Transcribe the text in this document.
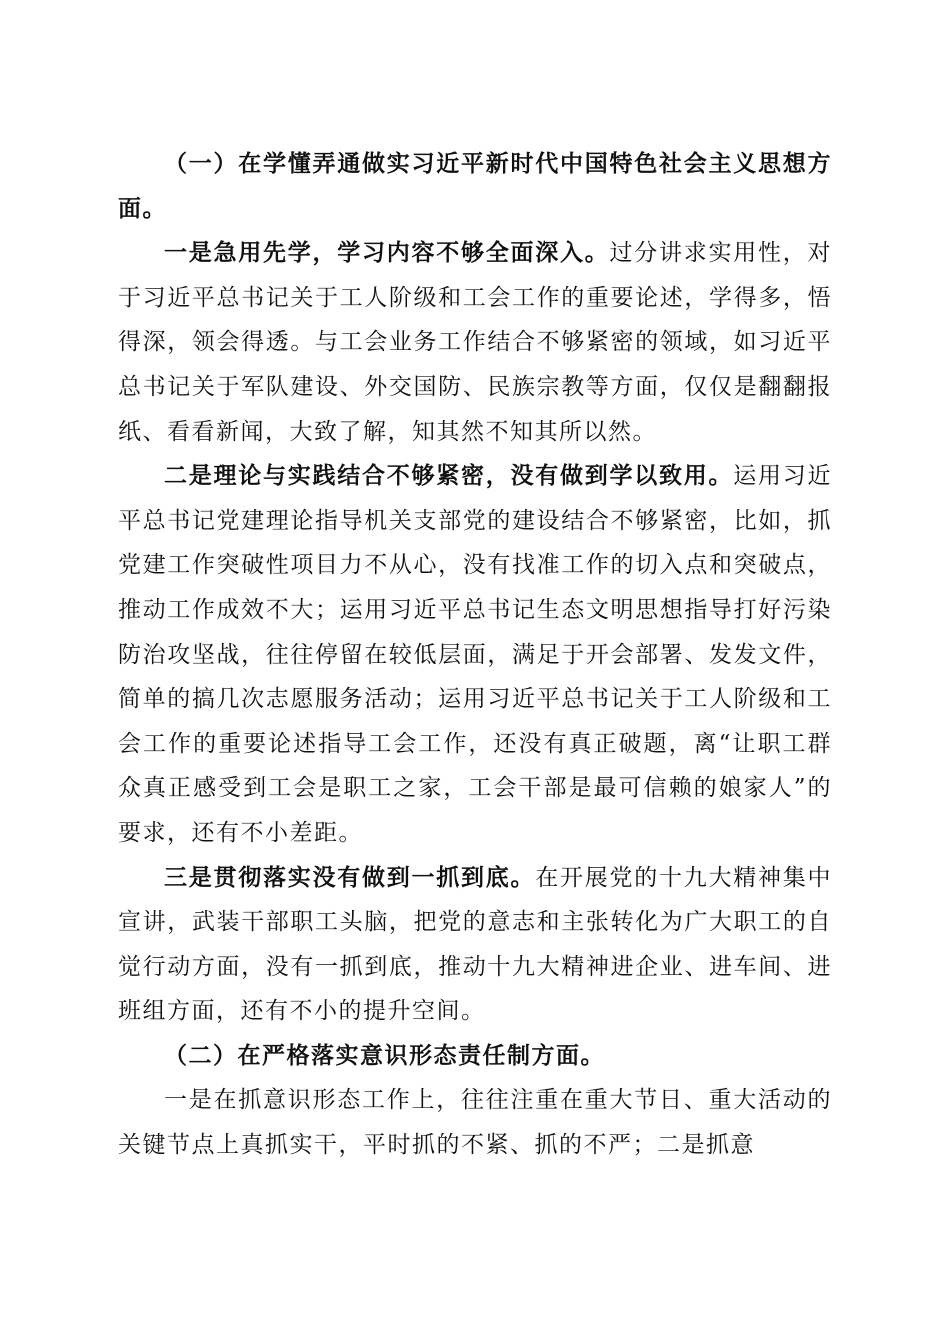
（一）在学懂弄通做实习近平新时代中国特色社会主义思想方面。

一是急用先学，学习内容不够全面深入。过分讲求实用性，对于习近平总书记关于工人阶级和工会工作的重要论述，学得多，悟得深，领会得透。与工会业务工作结合不够紧密的领域，如习近平总书记关于军队建设、外交国防、民族宗教等方面，仅仅是翻翻报纸、看看新闻，大致了解，知其然不知其所以然。

二是理论与实践结合不够紧密，没有做到学以致用。运用习近平总书记党建理论指导机关支部党的建设结合不够紧密，比如，抓党建工作突破性项目力不从心，没有找准工作的切入点和突破点，推动工作成效不大；运用习近平总书记生态文明思想指导打好污染防治攻坚战，往往停留在较低层面，满足于开会部署、发发文件，简单的搞几次志愿服务活动；运用习近平总书记关于工人阶级和工会工作的重要论述指导工会工作，还没有真正破题，离“让职工群众真正感受到工会是职工之家，工会干部是最可信赖的娘家人”的要求，还有不小差距。

三是贯彻落实没有做到一抓到底。在开展党的十九大精神集中宣讲，武装干部职工头脑，把党的意志和主张转化为广大职工的自觉行动方面，没有一抓到底，推动十九大精神进企业、进车间、进班组方面，还有不小的提升空间。

（二）在严格落实意识形态责任制方面。

一是在抓意识形态工作上，往往注重在重大节日、重大活动的关键节点上真抓实干，平时抓的不紧、抓的不严；二是抓意
